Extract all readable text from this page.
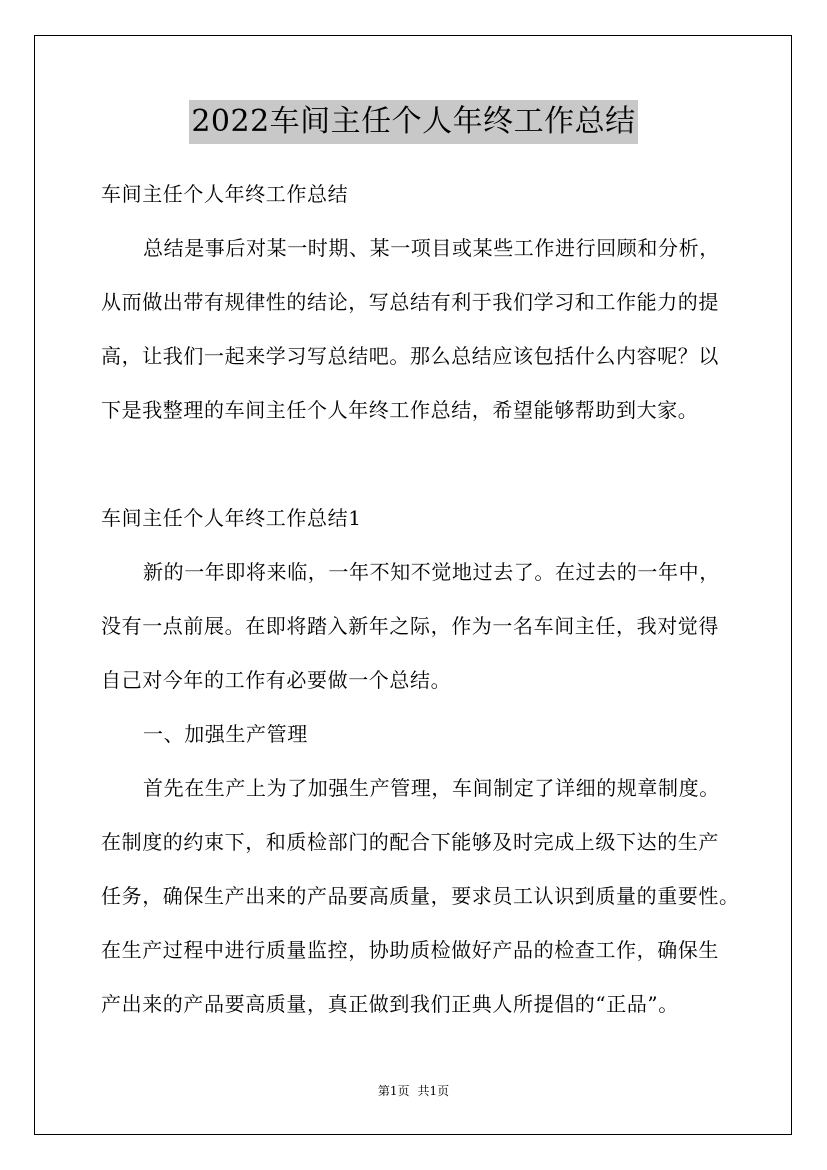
2022车间主任个人年终工作总结
车间主任个人年终工作总结
总结是事后对某一时期、某一项目或某些工作进行回顾和分析，
从而做出带有规律性的结论，写总结有利于我们学习和工作能力的提
高，让我们一起来学习写总结吧。那么总结应该包括什么内容呢？以
下是我整理的车间主任个人年终工作总结，希望能够帮助到大家。
车间主任个人年终工作总结1
新的一年即将来临，一年不知不觉地过去了。在过去的一年中，
没有一点前展。在即将踏入新年之际，作为一名车间主任，我对觉得
自己对今年的工作有必要做一个总结。
一、加强生产管理
首先在生产上为了加强生产管理，车间制定了详细的规章制度。
在制度的约束下，和质检部门的配合下能够及时完成上级下达的生产
任务，确保生产出来的产品要高质量，要求员工认识到质量的重要性。
在生产过程中进行质量监控，协助质检做好产品的检查工作，确保生
产出来的产品要高质量，真正做到我们正典人所提倡的“正品”。
第1页 共1页
